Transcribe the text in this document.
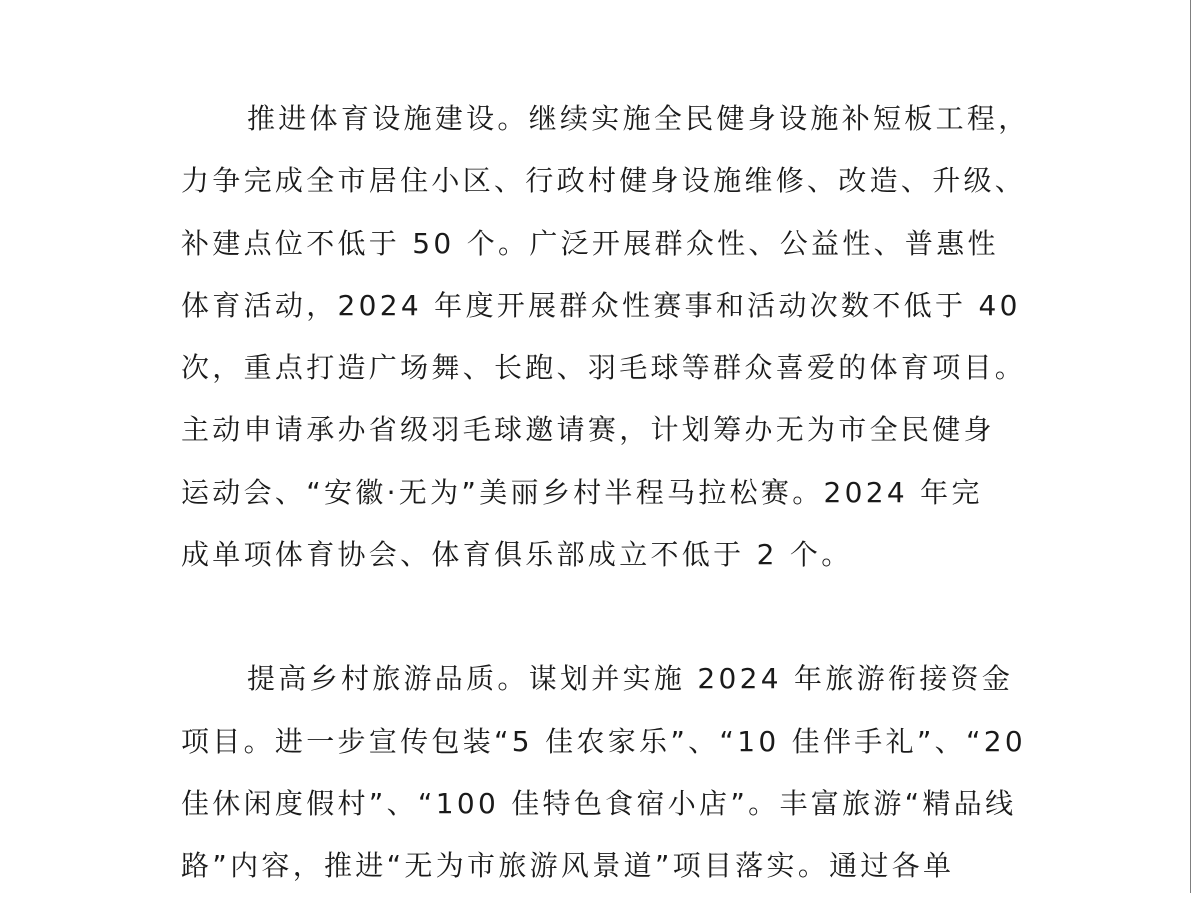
推进体育设施建设。继续实施全民健身设施补短板工程，
力争完成全市居住小区、行政村健身设施维修、改造、升级、
补建点位不低于 50 个。广泛开展群众性、公益性、普惠性
体育活动，2024 年度开展群众性赛事和活动次数不低于 40
次，重点打造广场舞、长跑、羽毛球等群众喜爱的体育项目。
主动申请承办省级羽毛球邀请赛，计划筹办无为市全民健身
运动会、“安徽·无为”美丽乡村半程马拉松赛。2024 年完
成单项体育协会、体育俱乐部成立不低于 2 个。
提高乡村旅游品质。谋划并实施 2024 年旅游衔接资金
项目。进一步宣传包装“5 佳农家乐”、“10 佳伴手礼”、“20
佳休闲度假村”、“100 佳特色食宿小店”。丰富旅游“精品线
路”内容，推进“无为市旅游风景道”项目落实。通过各单
